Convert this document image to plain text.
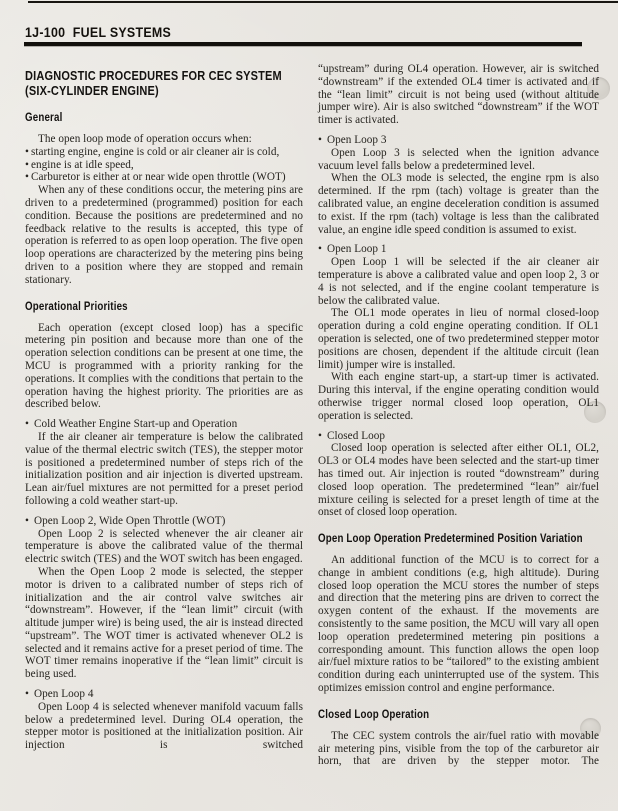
1J-100  FUEL SYSTEMS
DIAGNOSTIC PROCEDURES FOR CEC SYSTEM
(SIX-CYLINDER ENGINE)
General

The open loop mode of operation occurs when:

• starting engine, engine is cold or air cleaner air is cold,
• engine is at idle speed,
• Carburetor is either at or near wide open throttle (WOT)

When any of these conditions occur, the metering pins are driven to a predetermined (programmed) position for each condition. Because the positions are predetermined and no feedback relative to the results is accepted, this type of operation is referred to as open loop operation. The five open loop operations are characterized by the metering pins being driven to a position where they are stopped and remain stationary.

Operational Priorities

Each operation (except closed loop) has a specific metering pin position and because more than one of the operation selection conditions can be present at one time, the MCU is programmed with a priority ranking for the operations. It complies with the conditions that pertain to the operation having the highest priority. The priorities are as described below.

• Cold Weather Engine Start-up and Operation

If the air cleaner air temperature is below the calibrated value of the thermal electric switch (TES), the stepper motor is positioned a predetermined number of steps rich of the initialization position and air injection is diverted upstream. Lean air/fuel mixtures are not permitted for a preset period following a cold weather start-up.

• Open Loop 2, Wide Open Throttle (WOT)

Open Loop 2 is selected whenever the air cleaner air temperature is above the calibrated value of the thermal electric switch (TES) and the WOT switch has been engaged.

When the Open Loop 2 mode is selected, the stepper motor is driven to a calibrated number of steps rich of initialization and the air control valve switches air “downstream”. However, if the “lean limit” circuit (with altitude jumper wire) is being used, the air is instead directed “upstream”. The WOT timer is activated whenever OL2 is selected and it remains active for a preset period of time. The WOT timer remains inoperative if the “lean limit” circuit is being used.

• Open Loop 4

Open Loop 4 is selected whenever manifold vacuum falls below a predetermined level. During OL4 operation, the stepper motor is positioned at the initialization position. Air injection is switched

“upstream” during OL4 operation. However, air is switched “downstream” if the extended OL4 timer is activated and if the “lean limit” circuit is not being used (without altitude jumper wire). Air is also switched “downstream” if the WOT timer is activated.

• Open Loop 3

Open Loop 3 is selected when the ignition advance vacuum level falls below a predetermined level.

When the OL3 mode is selected, the engine rpm is also determined. If the rpm (tach) voltage is greater than the calibrated value, an engine deceleration condition is assumed to exist. If the rpm (tach) voltage is less than the calibrated value, an engine idle speed condition is assumed to exist.

• Open Loop 1

Open Loop 1 will be selected if the air cleaner air temperature is above a calibrated value and open loop 2, 3 or 4 is not selected, and if the engine coolant temperature is below the calibrated value.

The OL1 mode operates in lieu of normal closed-loop operation during a cold engine operating condition. If OL1 operation is selected, one of two predetermined stepper motor positions are chosen, dependent if the altitude circuit (lean limit) jumper wire is installed.

With each engine start-up, a start-up timer is activated. During this interval, if the engine operating condition would otherwise trigger normal closed loop operation, OL1 operation is selected.

• Closed Loop

Closed loop operation is selected after either OL1, OL2, OL3 or OL4 modes have been selected and the start-up timer has timed out. Air injection is routed “downstream” during closed loop operation. The predetermined “lean” air/fuel mixture ceiling is selected for a preset length of time at the onset of closed loop operation.

Open Loop Operation Predetermined Position Variation

An additional function of the MCU is to correct for a change in ambient conditions (e.g, high altitude). During closed loop operation the MCU stores the number of steps and direction that the metering pins are driven to correct the oxygen content of the exhaust. If the movements are consistently to the same position, the MCU will vary all open loop operation predetermined metering pin positions a corresponding amount. This function allows the open loop air/fuel mixture ratios to be “tailored” to the existing ambient condition during each uninterrupted use of the system. This optimizes emission control and engine performance.

Closed Loop Operation

The CEC system controls the air/fuel ratio with movable air metering pins, visible from the top of the carburetor air horn, that are driven by the stepper motor. The
